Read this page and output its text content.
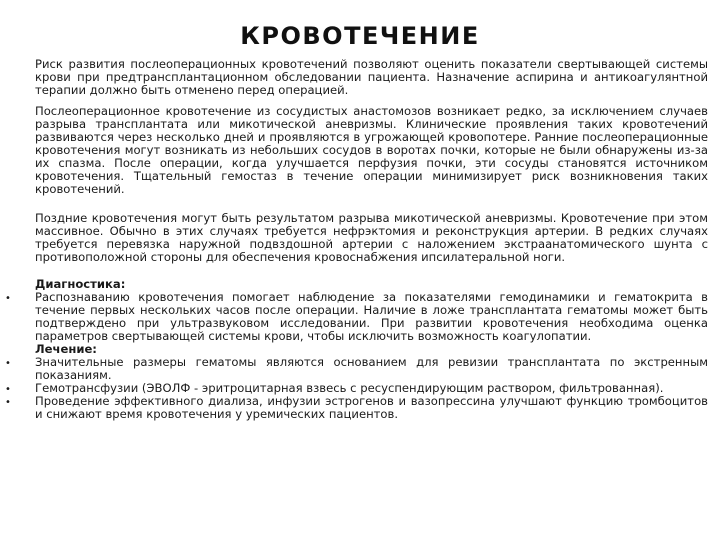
КРОВОТЕЧЕНИЕ

Риск развития послеоперационных кровотечений позволяют оценить показатели свертывающей системы крови при предтрансплантационном обследовании пациента. Назначение аспирина и антикоагулянтной терапии должно быть отменено перед операцией.

Послеоперационное кровотечение из сосудистых анастомозов возникает редко, за исключением случаев разрыва трансплантата или микотической аневризмы. Клинические проявления таких кровотечений развиваются через несколько дней и проявляются в угрожающей кровопотере. Ранние послеоперационные кровотечения могут возникать из небольших сосудов в воротах почки, которые не были обнаружены из-за их спазма. После операции, когда улучшается перфузия почки, эти сосуды становятся источником кровотечения. Тщательный гемостаз в течение операции минимизирует риск возникновения таких кровотечений.

Поздние кровотечения могут быть результатом разрыва микотической аневризмы. Кровотечение при этом массивное. Обычно в этих случаях требуется нефрэктомия и реконструкция артерии. В редких случаях требуется перевязка наружной подвздошной артерии с наложением экстраанатомического шунта с противоположной стороны для обеспечения кровоснабжения ипсилатеральной ноги.

Диагностика:

• Распознаванию кровотечения помогает наблюдение за показателями гемодинамики и гематокрита в течение первых нескольких часов после операции. Наличие в ложе трансплантата гематомы может быть подтверждено при ультразвуковом исследовании. При развитии кровотечения необходима оценка параметров свертывающей системы крови, чтобы исключить возможность коагулопатии.

Лечение:

• Значительные размеры гематомы являются основанием для ревизии трансплантата по экстренным показаниям.
• Гемотрансфузии (ЭВОЛФ - эритроцитарная взвесь с ресуспендирующим раствором, фильтрованная).
• Проведение эффективного диализа, инфузии эстрогенов и вазопрессина улучшают функцию тромбоцитов и снижают время кровотечения у уремических пациентов.
